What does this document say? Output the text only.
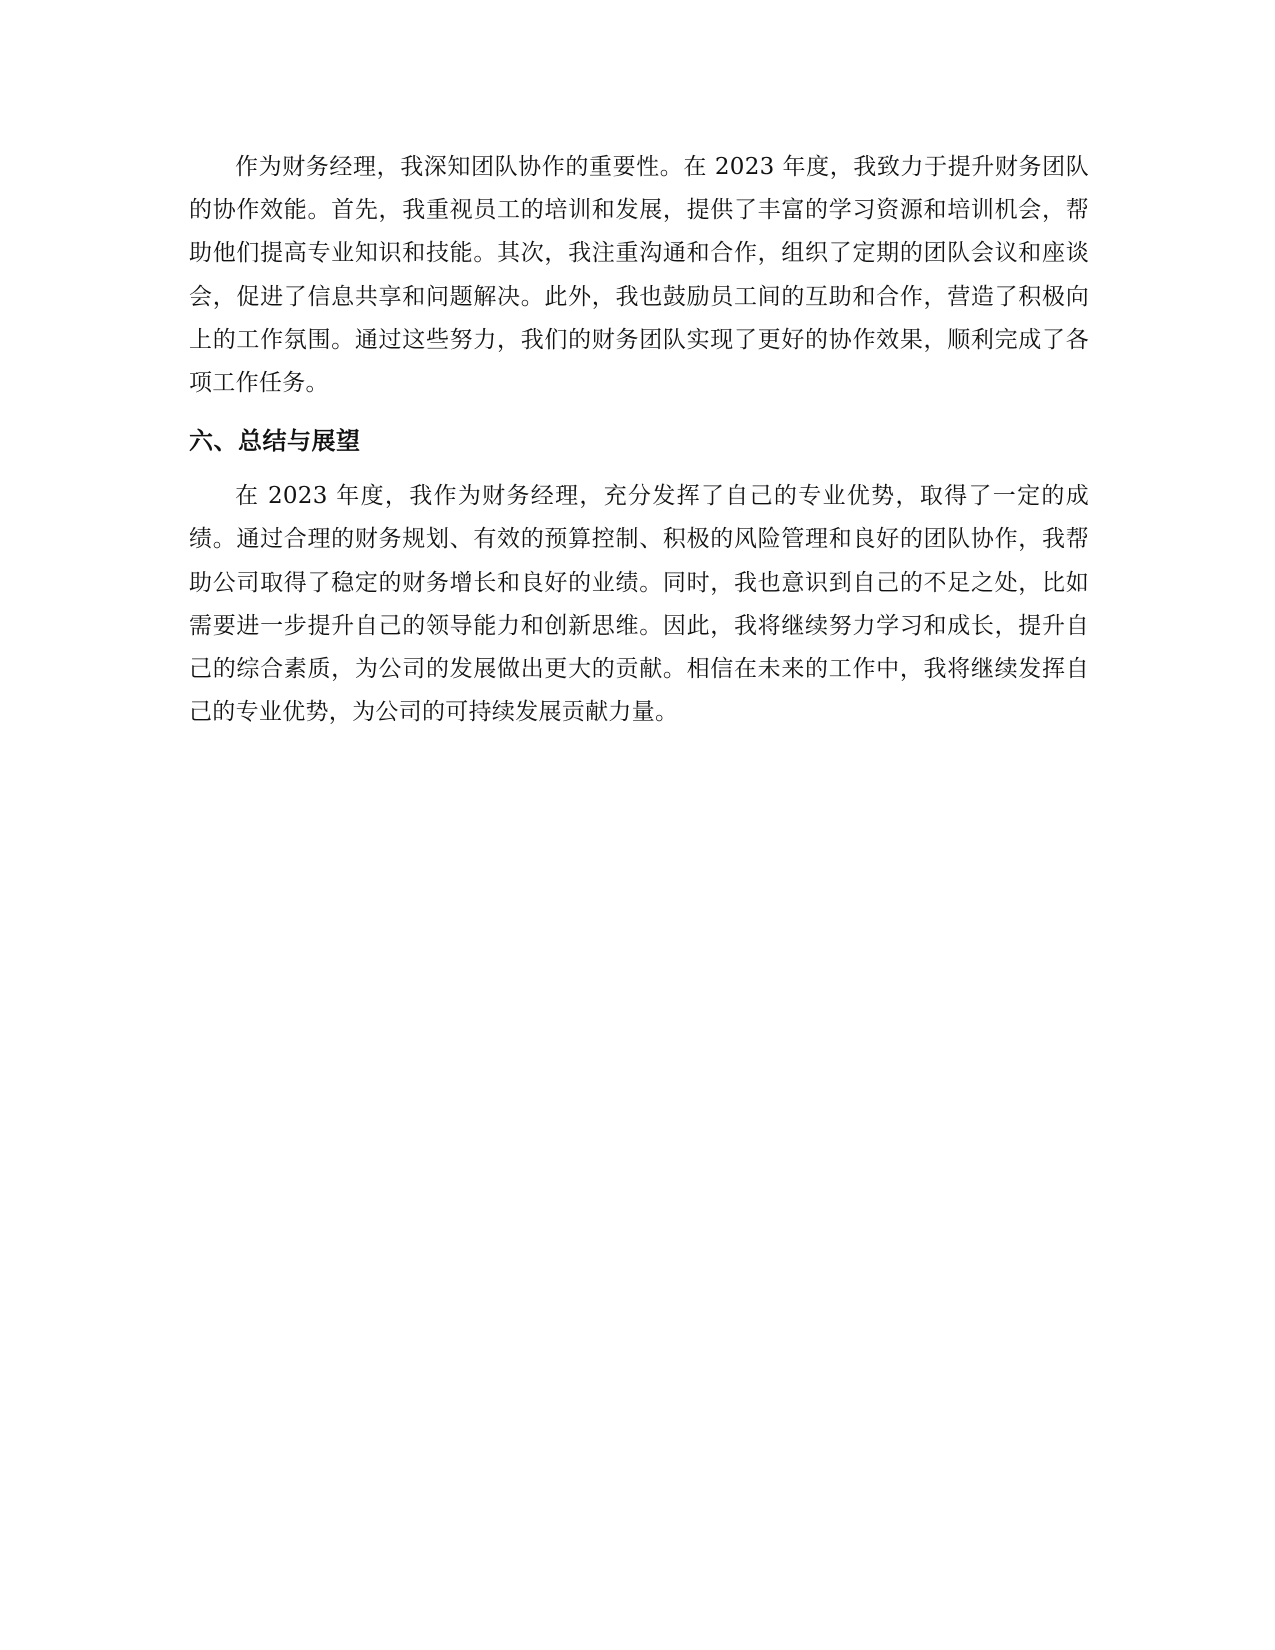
作为财务经理，我深知团队协作的重要性。在 2023 年度，我致力于提升财务团队的协作效能。首先，我重视员工的培训和发展，提供了丰富的学习资源和培训机会，帮助他们提高专业知识和技能。其次，我注重沟通和合作，组织了定期的团队会议和座谈会，促进了信息共享和问题解决。此外，我也鼓励员工间的互助和合作，营造了积极向上的工作氛围。通过这些努力，我们的财务团队实现了更好的协作效果，顺利完成了各项工作任务。

六、总结与展望

在 2023 年度，我作为财务经理，充分发挥了自己的专业优势，取得了一定的成绩。通过合理的财务规划、有效的预算控制、积极的风险管理和良好的团队协作，我帮助公司取得了稳定的财务增长和良好的业绩。同时，我也意识到自己的不足之处，比如需要进一步提升自己的领导能力和创新思维。因此，我将继续努力学习和成长，提升自己的综合素质，为公司的发展做出更大的贡献。相信在未来的工作中，我将继续发挥自己的专业优势，为公司的可持续发展贡献力量。
